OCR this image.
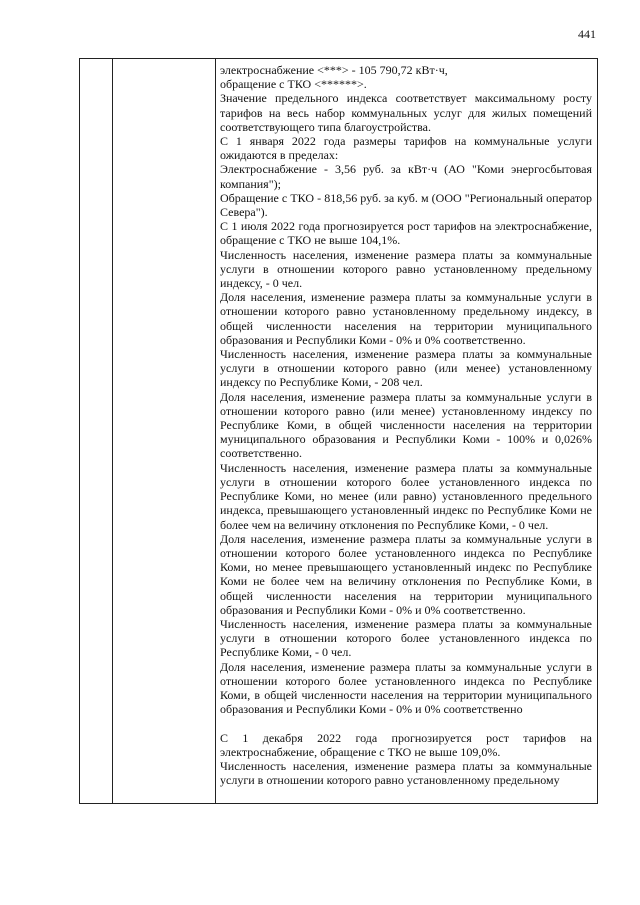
441

электроснабжение <***> - 105 790,72 кВт·ч,

обращение с ТКО <******>.

Значение предельного индекса соответствует максимальному росту тарифов на весь набор коммунальных услуг для жилых помещений соответствующего типа благоустройства.

С 1 января 2022 года размеры тарифов на коммунальные услуги ожидаются в пределах:

Электроснабжение - 3,56 руб. за кВт·ч (АО "Коми энергосбытовая компания");

Обращение с ТКО - 818,56 руб. за куб. м (ООО "Региональный оператор Севера").

С 1 июля 2022 года прогнозируется рост тарифов на электроснабжение, обращение с ТКО не выше 104,1%.

Численность населения, изменение размера платы за коммунальные услуги в отношении которого равно установленному предельному индексу, - 0 чел.

Доля населения, изменение размера платы за коммунальные услуги в отношении которого равно установленному предельному индексу, в общей численности населения на территории муниципального образования и Республики Коми - 0% и 0% соответственно.

Численность населения, изменение размера платы за коммунальные услуги в отношении которого равно (или менее) установленному индексу по Республике Коми, - 208 чел.

Доля населения, изменение размера платы за коммунальные услуги в отношении которого равно (или менее) установленному индексу по Республике Коми, в общей численности населения на территории муниципального образования и Республики Коми - 100% и 0,026% соответственно.

Численность населения, изменение размера платы за коммунальные услуги в отношении которого более установленного индекса по Республике Коми, но менее (или равно) установленного предельного индекса, превышающего установленный индекс по Республике Коми не более чем на величину отклонения по Республике Коми, - 0 чел.

Доля населения, изменение размера платы за коммунальные услуги в отношении которого более установленного индекса по Республике Коми, но менее превышающего установленный индекс по Республике Коми не более чем на величину отклонения по Республике Коми, в общей численности населения на территории муниципального образования и Республики Коми - 0% и 0% соответственно.

Численность населения, изменение размера платы за коммунальные услуги в отношении которого более установленного индекса по Республике Коми, - 0 чел.

Доля населения, изменение размера платы за коммунальные услуги в отношении которого более установленного индекса по Республике Коми, в общей численности населения на территории муниципального образования и Республики Коми - 0% и 0% соответственно

С 1 декабря 2022 года прогнозируется рост тарифов на электроснабжение, обращение с ТКО не выше 109,0%.

Численность населения, изменение размера платы за коммунальные услуги в отношении которого равно установленному предельному
